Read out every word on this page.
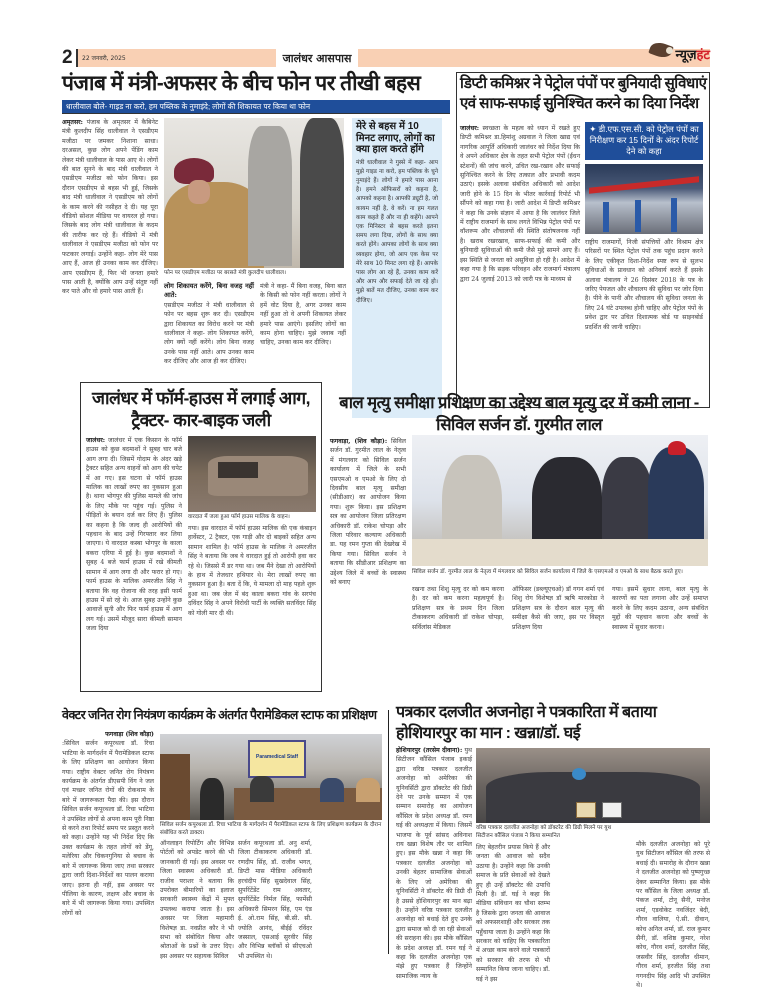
2 22 जनवरी, 2025	जालंधर आसपास	न्यूज़हंट
पंजाब में मंत्री-अफसर के बीच फोन पर तीखी बहस
धालीवाल बोले- गाइड ना करो, हम पब्लिक के नुमाइंदे; लोगों की शिकायत पर किया था फोन
अमृतसर: पंजाब के अमृतसर में कैबिनेट मंत्री कुलदीप सिंह धालीवाल ने एसडीएम मजीठा पर जमकर निशाना साधा। दरअसल, कुछ लोग अपने पेंडिंग काम लेकर मंत्री धालीवाल के पास आए थे। लोगों की बात सुनने के बाद मंत्री धालीवाल ने एसडीएम मजीठा को फोन किया। इस दौरान एसडीएम से बहस भी हुई, जिसके बाद मंत्री धालीवाल ने एसडीएम को लोगों के काम करने की नसीहत दे दी। यह पूरा वीडियो सोशल मीडिया पर वायरल हो गया। जिसके बाद लोग मंत्री धालीवाल के कदम की तारीफ कर रहे हैं। वीडियो में मंत्री धालीवाल ने एसडीएम मजीठा को फोन पर फटकार लगाई। उन्होंने कहा- लोग मेरे पास आए हैं, आज ही उनका काम कर दीजिए। आप एसडीएम हैं, फिर भी जनता हमारे पास आती है, क्योंकि आप उन्हें संतुष्ट नहीं कर पाते और वो हमारे पास आती हैं।
फोन पर एसडीएम मजीठा पर बरसते मंत्री कुलदीप धालीवाल।
लोग शिकायत करेंगे, बिना वजह नहीं आते:
एसडीएम मजीठा ने मंत्री धालीवाल से फोन पर बहस शुरू कर दी। एसडीएम द्वारा शिकायत का विरोध करने पर मंत्री धालीवाल ने कहा- लोग शिकायत करेंगे, लोग क्यों नहीं करेंगे। लोग बिना वजह उनके पास नहीं आते। आप उनका काम कर दीजिए और आज ही कर दीजिए।
मंत्री ने कहा- मैं बिना वजह, बिना बात के किसी को फोन नहीं करता। लोगों ने हमें वोट दिया है, अगर उनका काम नहीं हुआ तो वे अपनी शिकायत लेकर हमारे पास आएंगे। इसलिए लोगों का काम होना चाहिए। मुझे जवाब नहीं चाहिए, उनका काम कर दीजिए।
मेरे से बहस में 10 मिनट लगाए, लोगों का क्या हाल करते होंगे
मंत्री धालीवाल ने गुस्से में कहा- आप मुझे गाइड ना करो, हम पब्लिक के चुने नुमाइंदे हैं। लोगों ने हमारे पास आना है। हमने ऑफिसरों को कहना है, आपको कहना है। आपकी ड्यूटी है, जो कायम नहीं है, वे करें। ना हम गलत काम कहते हैं और ना ही कहेंगे। आपने एक मिनिस्टर से बहस करते इतना समय लगा दिया, लोगों के साथ क्या करते होंगे। आपका लोगों के साथ क्या व्यवहार होगा, जो आप एक केस पर मेरे साथ 10 मिनट लगा रहे हैं। आपके पास लोग आ रहे हैं, उनका काम करें और आप और सफाई देते जा रहे हो। मुझे बातें मत दीजिए, उनका काम कर दीजिए।
डिप्टी कमिश्नर ने पेट्रोल पंपों पर बुनियादी सुविधाएं एवं साफ-सफाई सुनिश्चित करने का दिया निर्देश
जालंधर: स्वच्छता के महत्व को ध्यान में रखते हुए डिप्टी कमिश्नर डा.हिमांशु अग्रवाल ने जिला खाद्य एवं नागरिक आपूर्ति अधिकारी जालंधर को निर्देश दिया कि वे अपने अधिकार क्षेत्र के तहत सभी पेट्रोल पंपों (ईंधन स्टेशनों) की जांच करने, उचित रख-रखाव और सफाई सुनिश्चित करने के लिए तत्काल और प्रभावी कदम उठाएं। इसके अलावा संबंधित अधिकारी को आदेश जारी होने के 15 दिन के भीतर कार्रवाई रिपोर्ट भी सौंपने को कहा गया है। जारी आदेश में डिप्टी कमिश्नर ने कहा कि उनके संज्ञान में आया है कि जालंधर जिले में राष्ट्रीय राजमार्ग के साथ लगते विभिन्न पेट्रोल पंपों पर वॉशरूम और शौचालयों की स्थिति संतोषजनक नहीं है। खराब रखरखाव, साफ-सफाई की कमी और बुनियादी सुविधाओं की कमी जैसे मुद्दे सामने आए हैं। इस स्थिति से जनता को असुविधा हो रही है। आदेश में कहा गया है कि सड़क परिवहन और राजमार्ग मंत्रालय द्वारा 24 जुलाई 2013 को जारी पत्र के माध्यम से
✦ डी.एफ.एस.सी. को पेट्रोल पंपों का निरीक्षण कर 15 दिनों के अंदर रिपोर्ट देने को कहा
राष्ट्रीय राजमार्गों, निजी संपत्तियों और विश्राम क्षेत्र परिसरों पर स्थित पेट्रोल पंपों तक पहुंच प्रदान करने के लिए एकीकृत दिशा-निर्देश स्पष्ट रूप से सुलभ सुविधाओं के प्रावधान को अनिवार्य करते हैं इसके अलावा मंत्रालय ने 26 दिसंबर 2018 के पत्र के जरिए पेयजल और शौचालय की सुविधा पर जोर दिया है। पीने के पानी और शौचालय की सुविधा जनता के लिए 24 घंटे उपलब्ध होनी चाहिए और पेट्रोल पंपों के प्रवेश द्वार पर उचित दिशात्मक बोर्ड या साइनबोर्ड प्रदर्शित की जानी चाहिए।
जालंधर में फॉर्म-हाउस में लगाई आग, ट्रैक्टर- कार-बाइक जली
जालंधर: जालंधर में एक किसान के फॉर्म हाउस को कुछ बदमाशों ने सुबह चार बजे आग लगा दी। जिसमें गोदाम के अंदर खड़े ट्रैक्टर सहित अन्य वाहनों को आग की चपेट में आ गए। इस घटना से फॉर्म हाउस मालिक का लाखों रुपए का नुकसान हुआ है। थाना भोगपुर की पुलिस मामले की जांच के लिए मौके पर पहुंच गई। पुलिस ने पीड़ितों के बयान दर्ज कर लिए हैं। पुलिस का कहना है कि जल्द ही आरोपियों की पहचान के बाद उन्हें गिरफ्तार कर लिया जाएगा। ये वारदात कस्बा भोगपुर के काला बकरा एरिया में हुई है। कुछ बदमाशों ने सुबह 4 बजे फार्म हाउस में रखे कीमती सामान में आग लगा दी और फरार हो गए। फार्म हाउस के मालिक अमरजीत सिंह ने बताया कि वह रोजाना की तरह इसी फार्म हाउस में सो रहे थे। आज सुबह उन्होंने कुछ आवाजें सुनी और फिर फार्म हाउस में आग लग गई। उसमें मौजूद सारा कीमती सामान जला दिया
वारदात में जला हुआ फॉर्म हाउस मालिक के वाहन।
गया। इस वारदात में फॉर्म हाउस मालिक की एक कंबाइन हार्वेस्टर, 2 ट्रैक्टर, एक गाड़ी और दो बाइकों सहित अन्य सामान शामिल है। फॉर्म हाउस के मालिक ने अमरजीत सिंह ने बताया कि जब ये वारदात हुई तो आरोपी हवा कर रहे थे। जिससे मैं डर गया था। जब मैंने देखा तो आरोपियों के हाथ में तेजधार हथियार थे। मेरा लाखों रुपए का नुकसान हुआ है। बता दें कि, ये मामला दो माह पहले शुरू हुआ था। जब जेल में बंद काला बकरा गांव के सरपंच दविंदर सिंह ने अपने विरोधी पार्टी के व्यक्ति सतविंदर सिंह को गोली मार दी थी।
बाल मृत्यु समीक्षा प्रशिक्षण का उद्देश्य बाल मृत्यु दर में कमी लाना - सिविल सर्जन डॉ. गुरमीत लाल
फगवाड़ा, (शिव कौड़ा): सिविल सर्जन डॉ. गुरमीत लाल के नेतृत्व में मंगलवार को सिविल सर्जन कार्यालय में जिले के सभी एसएमओ व एमओ के लिए दो दिवसीय बाल मृत्यु समीक्षा (सीडीआर) का आयोजन किया गया। शुरू किया। इस प्रशिक्षण सत्र का आयोजन जिला प्रतिरक्षण अधिकारी डॉ. राकेश चोपड़ा और जिला परिवार कल्याण अधिकारी डा. यह रमन गुप्ता की देखरेख में किया गया। सिविल सर्जन ने बताया कि सीडीआर प्रशिक्षण का उद्देश्य जिले में बच्चों के स्वास्थ्य को बनाए
सिविल सर्जन डॉ. गुरमीत लाल के नेतृत्व में मंगलवार को सिविल सर्जन कार्यालय में जिले के एसएमओ व एमओ के साथ बैठक करते हुए।
रखना तथा शिशु मृत्यु दर को कम करना है। दर को कम करना महत्वपूर्ण है। प्रशिक्षण सत्र के प्रथम दिन जिला टीकाकरण अधिकारी डॉ राकेश चोपड़ा, सर्विलांस मेडिकल
ऑफिसर (डब्ल्यूएचओ) डॉ गगन शर्मा एवं शिशु रोग विशेषज्ञ डॉ ऋषि मारकोडा ने प्रशिक्षण सत्र के दौरान बाल मृत्यु की समीक्षा कैसे की जाए, इस पर विस्तृत प्रशिक्षण दिया
गया। इसमें सुधार लाना, बाल मृत्यु के कारणों का पता लगाना और उन्हें समाप्त करने के लिए कदम उठाना, अन्य संबंधित मुद्दों की पहचान करना और बच्चों के स्वास्थ्य में सुधार करना।
वेक्टर जनित रोग नियंत्रण कार्यक्रम के अंतर्गत पैरामेडिकल स्टाफ का प्रशिक्षण
फगवाड़ा (शिव कौड़ा)
:सिविल सर्जन कपूरथला डॉ. रिचा भाटिया के मार्गदर्शन में पैरामेडिकल स्टाफ के लिए प्रशिक्षण का आयोजन किया गया। राष्ट्रीय वेक्टर जनित रोग नियंत्रण कार्यक्रम के अंतर्गत डीएसपी विंग ने जल एवं मच्छर जनित रोगों की रोकथाम के बारे में जागरूकता पैदा की। इस दौरान सिविल सर्जन कपूरथला डॉ. रिचा भाटिया ने उपस्थित लोगों से अपना काम पूरी निष्ठा से करने तथा रिपोर्ट समय पर प्रस्तुत करने को कहा। उन्होंने यह भी निर्देश दिए कि उक्त कार्यक्रम के तहत लोगों को डेंगू, मलेरिया और चिकनगुनिया से बचाव के बारे में जागरूक किया जाए तथा सरकार द्वारा जारी दिशा-निर्देशों का पालन कराया जाए। इतना ही नहीं, इस अवसर पर पीलिया के कारण, लक्षण और बचाव के बारे में भी जागरूक किया गया। उपस्थित लोगों को
Paramedical Staff
सिविल सर्जन कपूरथला डॉ. रिचा भाटिया के मार्गदर्शन में पैरामेडिकल स्टाफ के लिए प्रशिक्षण कार्यक्रम के दौरान संबोधित करते डाक्टर।
ऑनलाइन रिपोर्टिंग और विभिन्न पोर्टलों को अपडेट करने की भी जानकारी दी गई। इस अवसर पर जिला स्वास्थ्य अधिकारी डॉ. राजीव पराशर ने बताया कि उपरोक्त बीमारियों का इलाज सरकारी स्वास्थ्य केंद्रों में मुफ्त उपलब्ध कराया जाता है। इस अवसर पर जिला महामारी विशेषज्ञ डा. नवप्रीत कौर ने भी सभा को संबोधित किया और श्रोताओं के प्रश्नों के उत्तर दिए। इस अवसर पर सहायक सिविल
सर्जन कपूरथला डॉ. अनु शर्मा, जिला टीकाकरण अधिकारी डॉ. रणदीप सिंह, डॉ. राजीव भगत, डिप्टी मास मीडिया अधिकारी हरचंदीप सिंह सुखदेवाल सिंह, सुपरिंटेंडेंट राम अवतार, सुपरिंटेंडेंट निर्मल सिंह, फार्मेसी अधिकारी सिमरन सिंह, एम एंड ई. ओ.राम सिंह, बी.सी. सी. ज्योति आनंद, बीईई रविंदर जस्साल, एसआई सुरवीर सिंह और विभिन्न ब्लॉकों से सीएचओ भी उपस्थित थे।
पत्रकार दलजीत अजनोहा ने पत्रकारिता में बताया होशियारपुर का मान : खन्ना/डॉ. घई
होशियारपुर (तरसेम दीवाना): युथ सिटीजन कौंसिल पंजाब इकाई द्वारा वरिष्ठ पत्रकार दलजीत अजनोहा को अमेरिका की यूनिवर्सिटी द्वारा डॉक्टरेट की डिग्री देने पर उनके सम्मान में एक सम्मान समारोह का आयोजन कौंसिल के प्रदेश अध्यक्ष डॉ. रमन घई की अध्यक्षता में किया। जिसमें भाजपा के पूर्व सांसद अविनाश राय खन्ना विशेष तौर पर शामिल हुए। इस मौके खन्ना ने कहा कि पत्रकार दलजीत अजनोहा को उनकी बेहतर सामाजिक सेवाओं के लिए जो अमेरिका की यूनिवर्सिटी ने डॉक्टरेट की डिग्री दी है उससे होशियारपुर का मान बढ़ा है। उन्होंने वरिष्ठ पत्रकार दलजीत अजनोहा को बधाई देते हुए उनके द्वारा समाज को दी जा रही सेवाओं की सराहना की। इस मौके कौंसिल के प्रदेश अध्यक्ष डॉ. रमन घई ने कहा कि दलजीत अजनोहा एक मंझे हुए पत्रकार हैं जिन्होंने सामाजिक न्याय के
वरिष्ठ पत्रकार दलजीत अजनोहा को डॉक्टरेट की डिग्री मिलने पर युथ सिटीजन कौंसिल पंजाब ने किया सम्मानित
लिए बेहतरीन प्रयास किये हैं और जनता की आवाज को सदैव उठाया है। उन्होंने कहा कि उनकी समाज के प्रति सेवाओं को देखते हुए ही उन्हें डॉक्टरेट की उपाधि मिली है। डॉ. घई ने कहा कि मीडिया संविधान का चौथा स्तम्भ है जिसके द्वारा जनता की आवाज को अफसरशाही और सरकार तक पहुँचाया जाता है। उन्होंने कहा कि सरकार को चाहिए कि पत्रकारिता में अच्छा काम करने वाले पत्रकारों को सरकार की तरफ से भी सम्मानित किया जाना चाहिए। डॉ. घई ने इस
मौके दलजीत अजनोहा को पूरे युथ सिटीजन कौंसिल की तरफ से बधाई दी। समारोह के दौरान खन्ना ने दलजीत अजनोहा को पुष्पगुच्छ देकर सम्मानित किया। इस मौके पर कौंसिल के जिला अध्यक्ष डॉ. पंकज शर्मा, टोनू सैनी, मनोज शर्मा, एडवोकेट नवजिंदर बेदी, गौरव वालिया, ऐ.सी. दीवान, कोच अनिल शर्मा, डॉ. राज कुमार सैनी, डॉ. वशिष्ठ कुमार, नरेश कोच, गौरव शर्मा, दलजीत सिंह, जसवीर सिंह, दलजीत धीमान, गौरव शर्मा, हरजीत सिंह तथा गगनदीप सिंह आदि भी उपस्थित थे।
